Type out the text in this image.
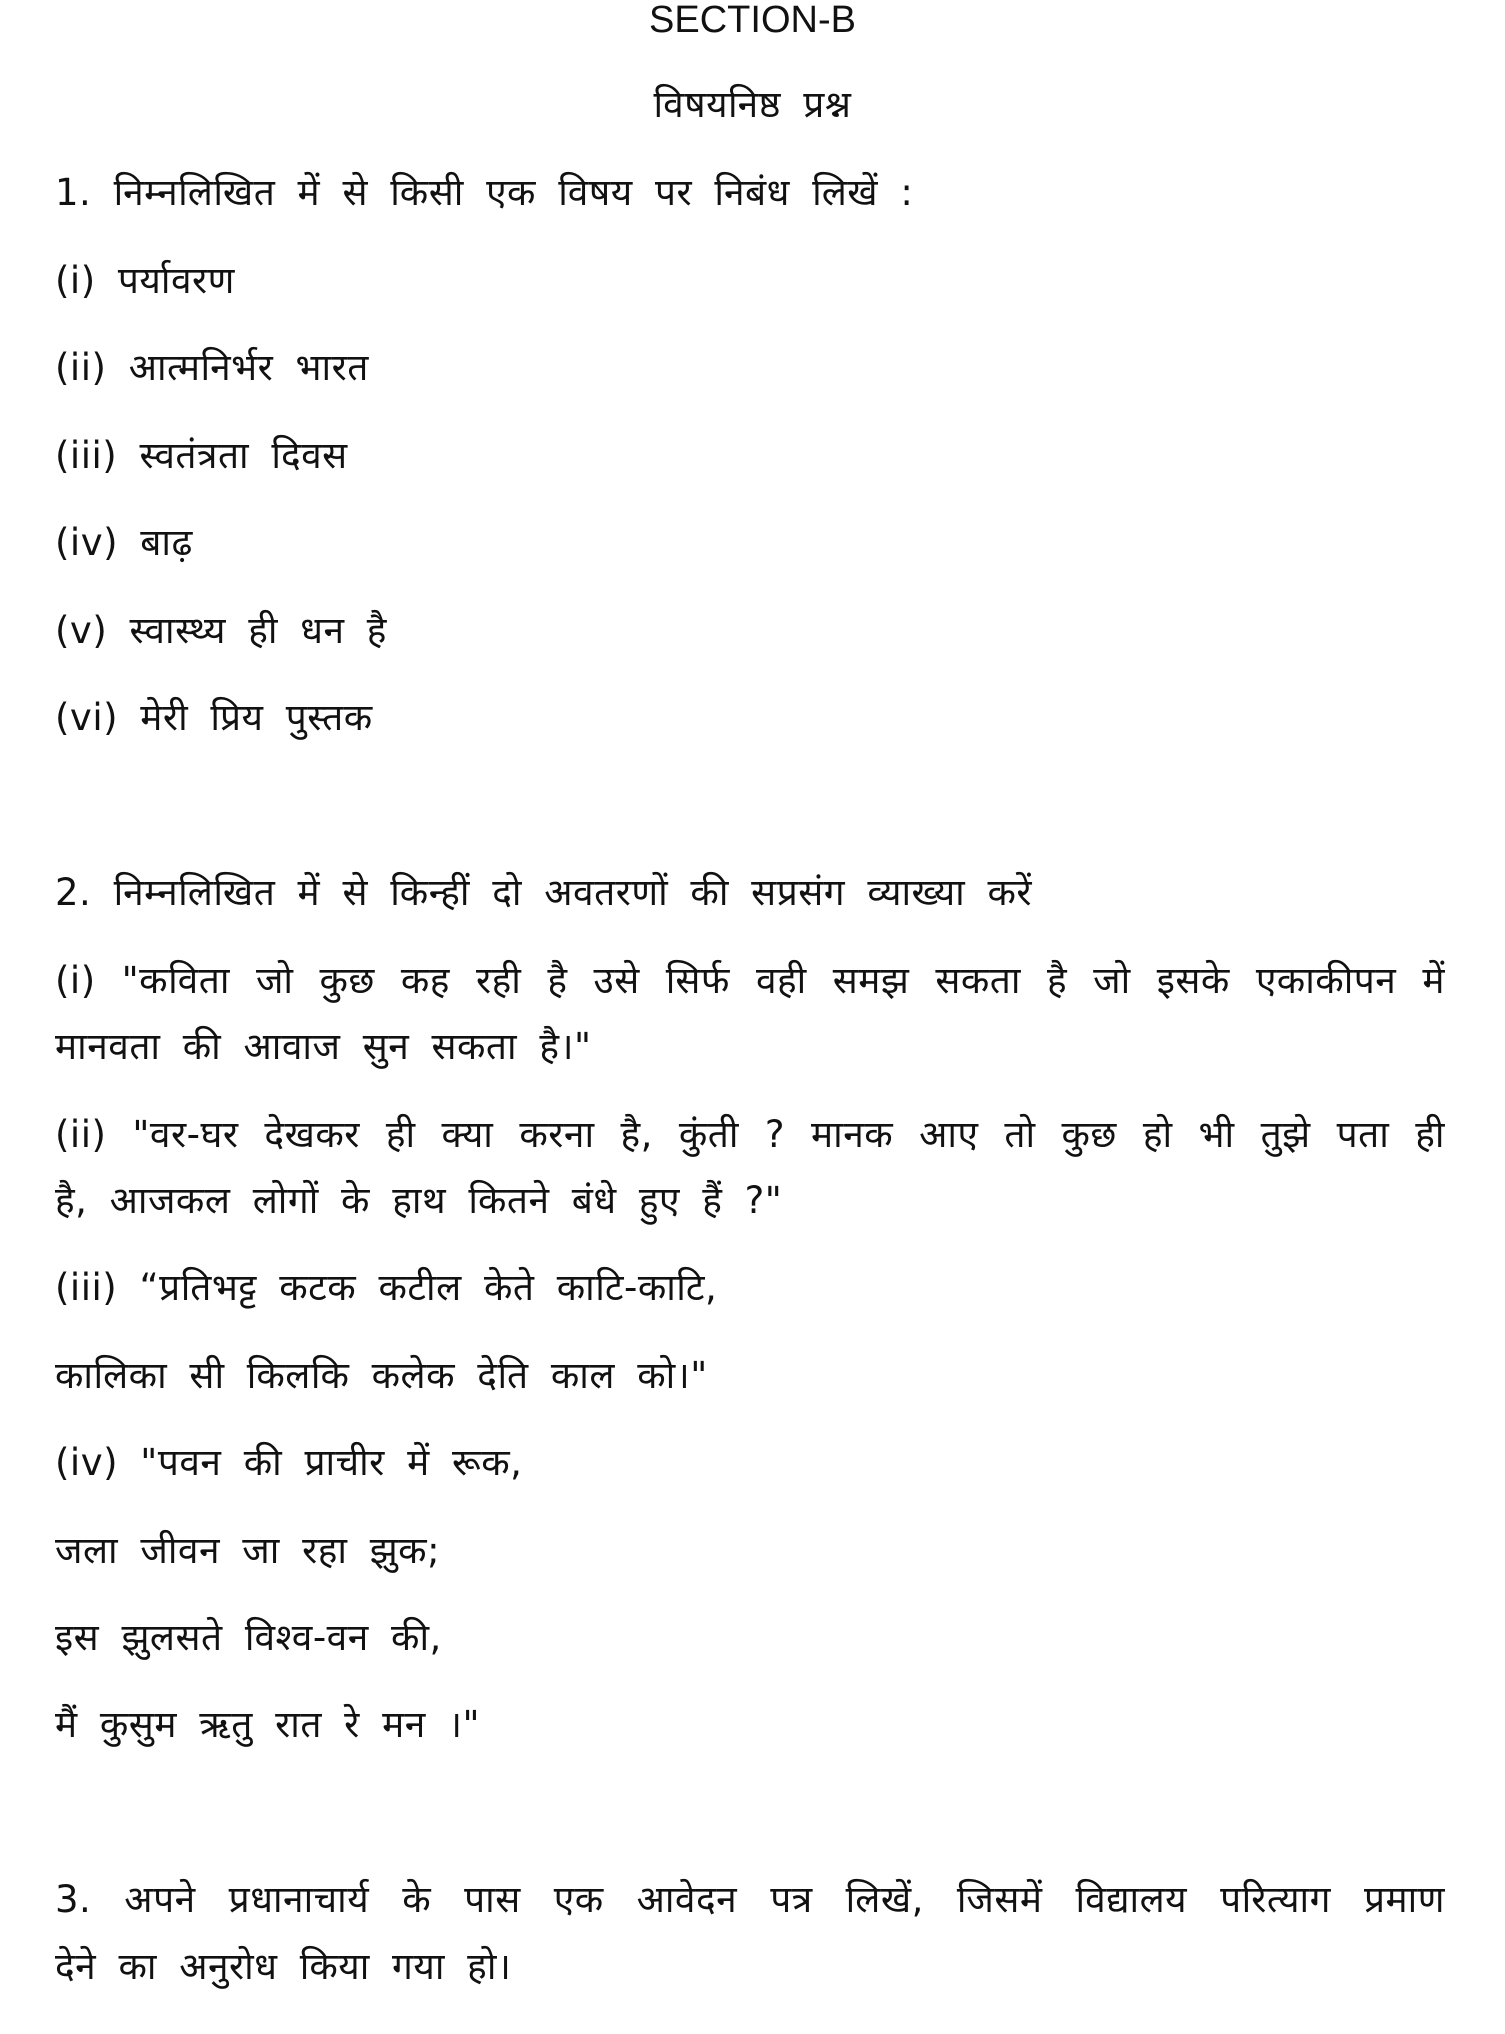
SECTION-B
विषयनिष्ठ प्रश्न
1. निम्नलिखित में से किसी एक विषय पर निबंध लिखें :
(i) पर्यावरण
(ii) आत्मनिर्भर भारत
(iii) स्वतंत्रता दिवस
(iv) बाढ़
(v) स्वास्थ्य ही धन है
(vi) मेरी प्रिय पुस्तक
2. निम्नलिखित में से किन्हीं दो अवतरणों की सप्रसंग व्याख्या करें
(i) "कविता जो कुछ कह रही है उसे सिर्फ वही समझ सकता है जो इसके एकाकीपन में
मानवता की आवाज सुन सकता है।"
(ii) "वर-घर देखकर ही क्या करना है, कुंती ? मानक आए तो कुछ हो भी तुझे पता ही
है, आजकल लोगों के हाथ कितने बंधे हुए हैं ?"
(iii) “प्रतिभट्ट कटक कटील केते काटि-काटि,
कालिका सी किलकि कलेक देति काल को।"
(iv) "पवन की प्राचीर में रूक,
जला जीवन जा रहा झुक;
इस झुलसते विश्व-वन की,
मैं कुसुम ऋतु रात रे मन ।"
3. अपने प्रधानाचार्य के पास एक आवेदन पत्र लिखें, जिसमें विद्यालय परित्याग प्रमाण
देने का अनुरोध किया गया हो।
